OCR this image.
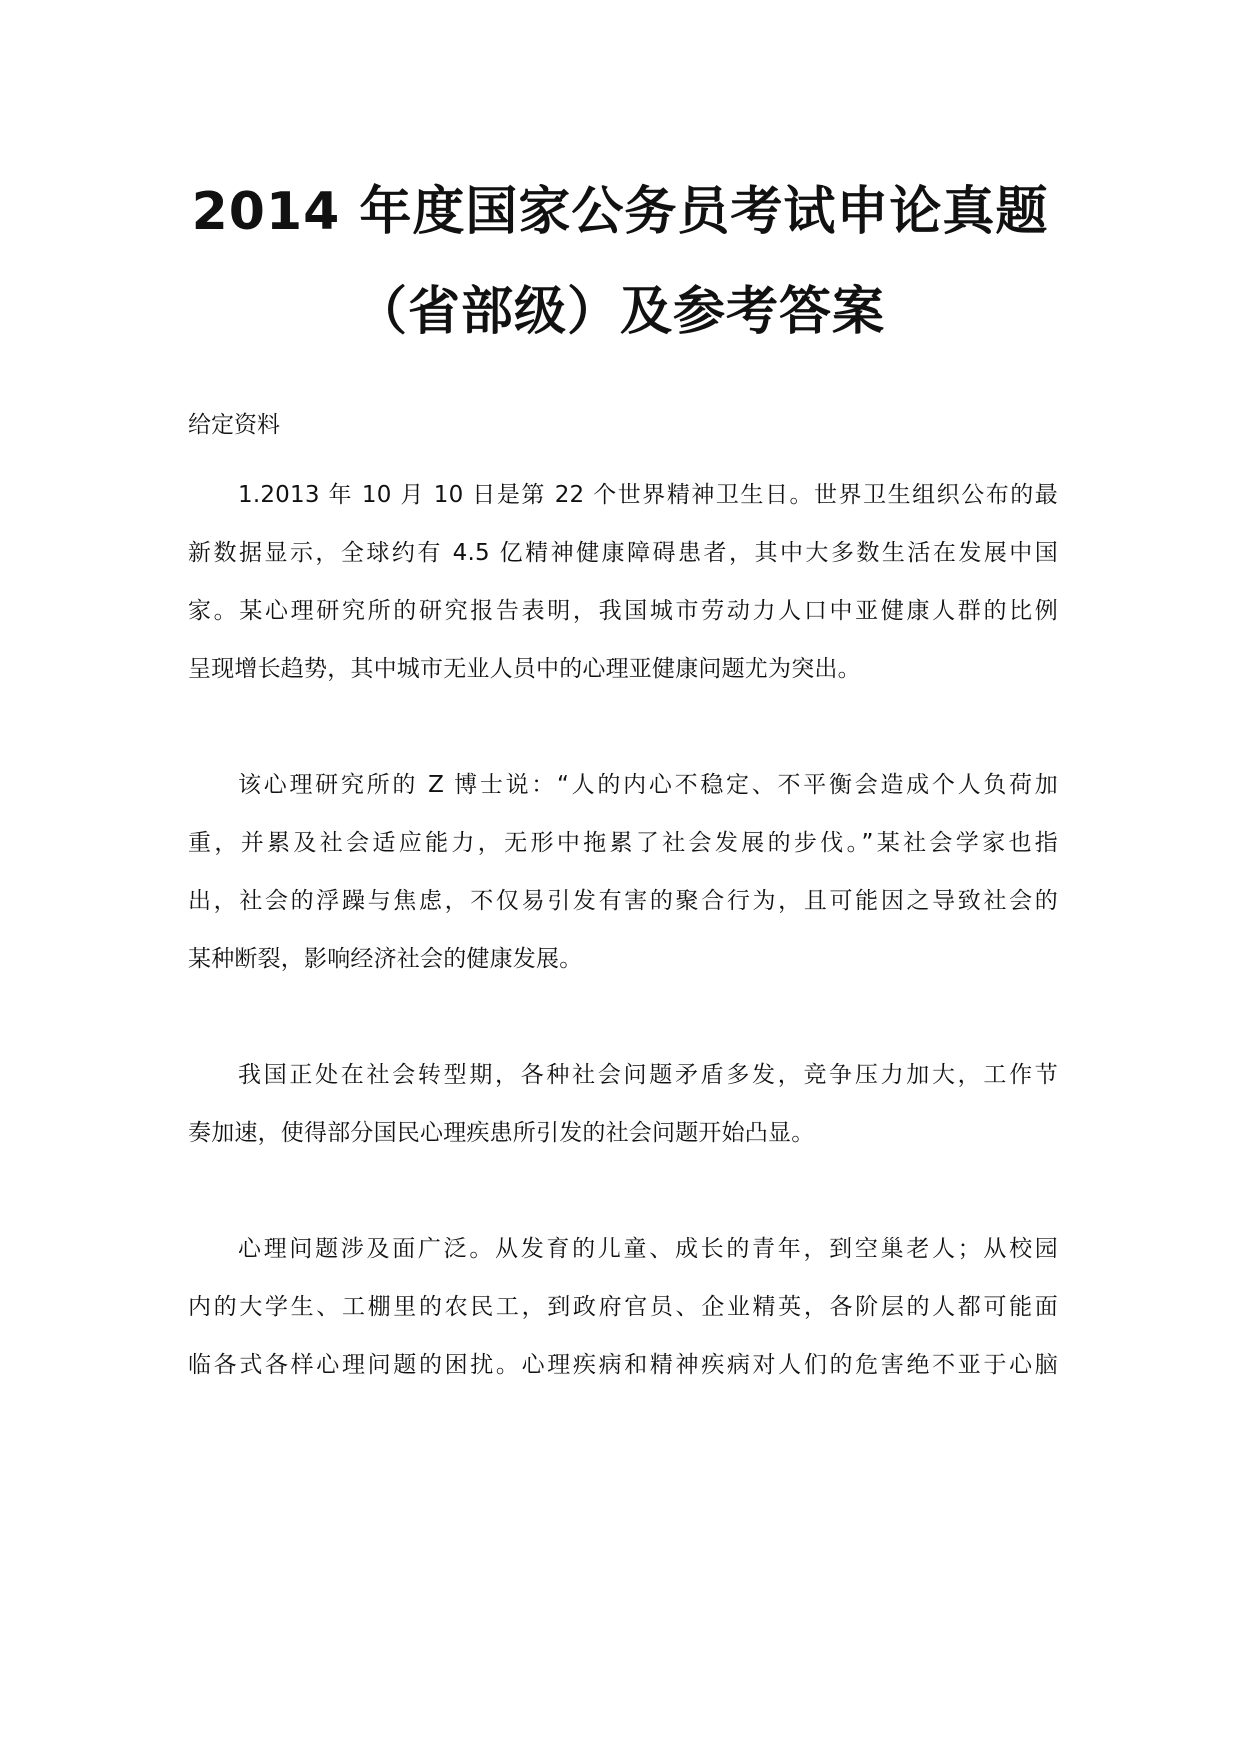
2014 年度国家公务员考试申论真题
（省部级）及参考答案
给定资料
1.2013 年 10 月 10 日是第 22 个世界精神卫生日。世界卫生组织公布的最
新数据显示，全球约有 4.5 亿精神健康障碍患者，其中大多数生活在发展中国
家。某心理研究所的研究报告表明，我国城市劳动力人口中亚健康人群的比例
呈现增长趋势，其中城市无业人员中的心理亚健康问题尤为突出。
该心理研究所的 Z 博士说：“人的内心不稳定、不平衡会造成个人负荷加
重，并累及社会适应能力，无形中拖累了社会发展的步伐。”某社会学家也指
出，社会的浮躁与焦虑，不仅易引发有害的聚合行为，且可能因之导致社会的
某种断裂，影响经济社会的健康发展。
我国正处在社会转型期，各种社会问题矛盾多发，竞争压力加大，工作节
奏加速，使得部分国民心理疾患所引发的社会问题开始凸显。
心理问题涉及面广泛。从发育的儿童、成长的青年，到空巢老人；从校园
内的大学生、工棚里的农民工，到政府官员、企业精英，各阶层的人都可能面
临各式各样心理问题的困扰。心理疾病和精神疾病对人们的危害绝不亚于心脑
